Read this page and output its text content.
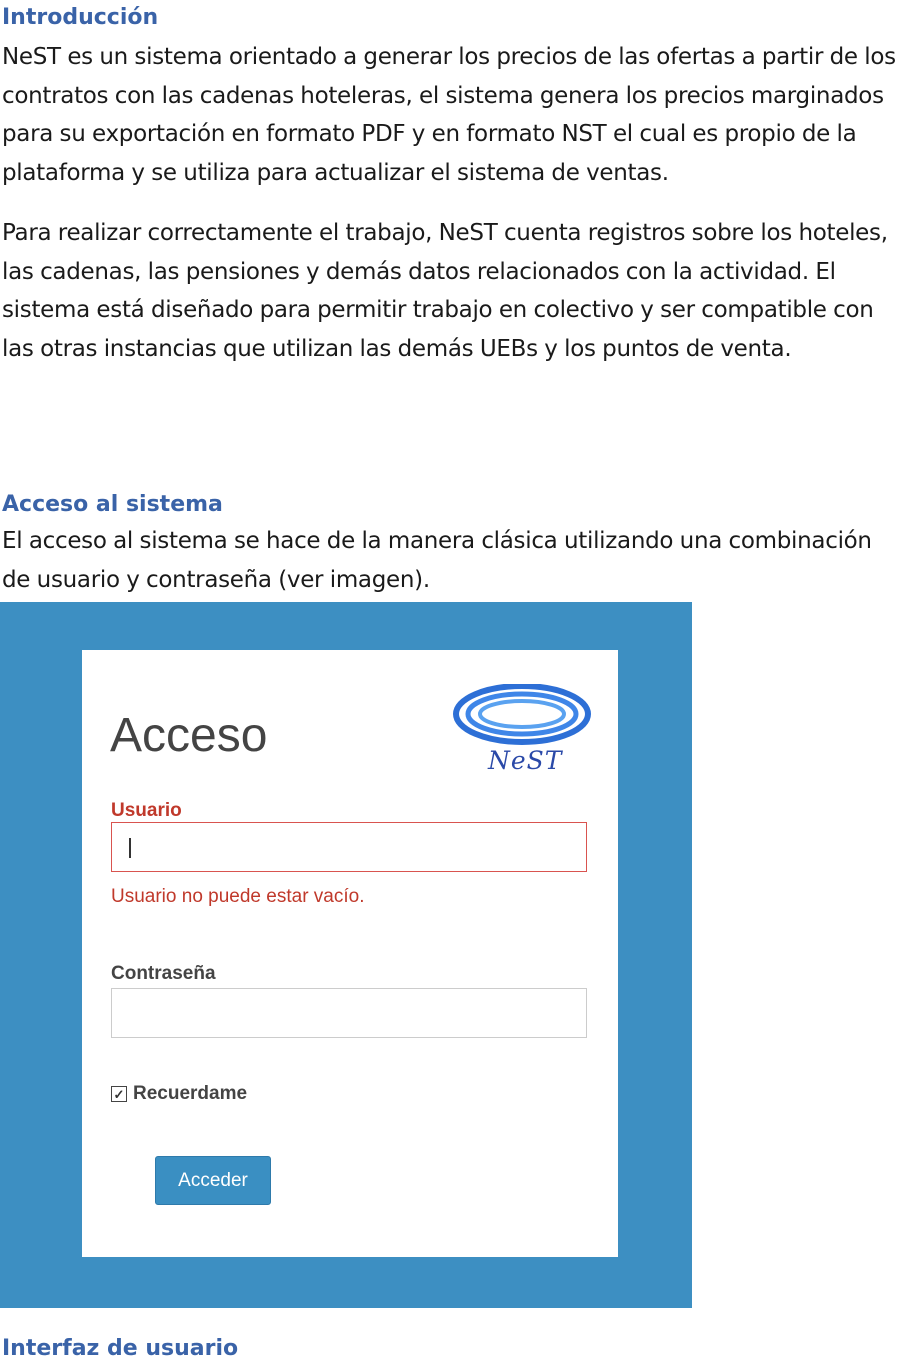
Introducción

NeST es un sistema orientado a generar los precios de las ofertas a partir de los contratos con las cadenas hoteleras, el sistema genera los precios marginados para su exportación en formato PDF y en formato NST el cual es propio de la plataforma y se utiliza para actualizar el sistema de ventas.

Para realizar correctamente el trabajo, NeST cuenta registros sobre los hoteles, las cadenas, las pensiones y demás datos relacionados con la actividad. El sistema está diseñado para permitir trabajo en colectivo y ser compatible con las otras instancias que utilizan las demás UEBs y los puntos de venta.

Acceso al sistema

El acceso al sistema se hace de la manera clásica utilizando una combinación de usuario y contraseña (ver imagen).

Acceso	NeST
Usuario
Usuario no puede estar vacío.
Contraseña
✓ Recuerdame
Acceder
Interfaz de usuario
